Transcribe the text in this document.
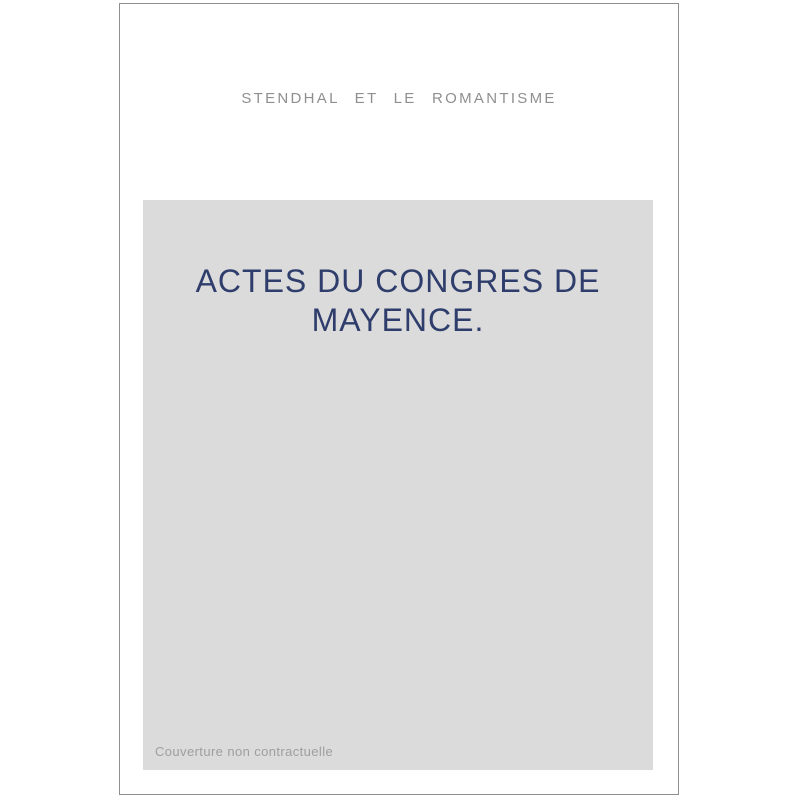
STENDHAL ET LE ROMANTISME
ACTES DU CONGRES DE MAYENCE.
Couverture non contractuelle
